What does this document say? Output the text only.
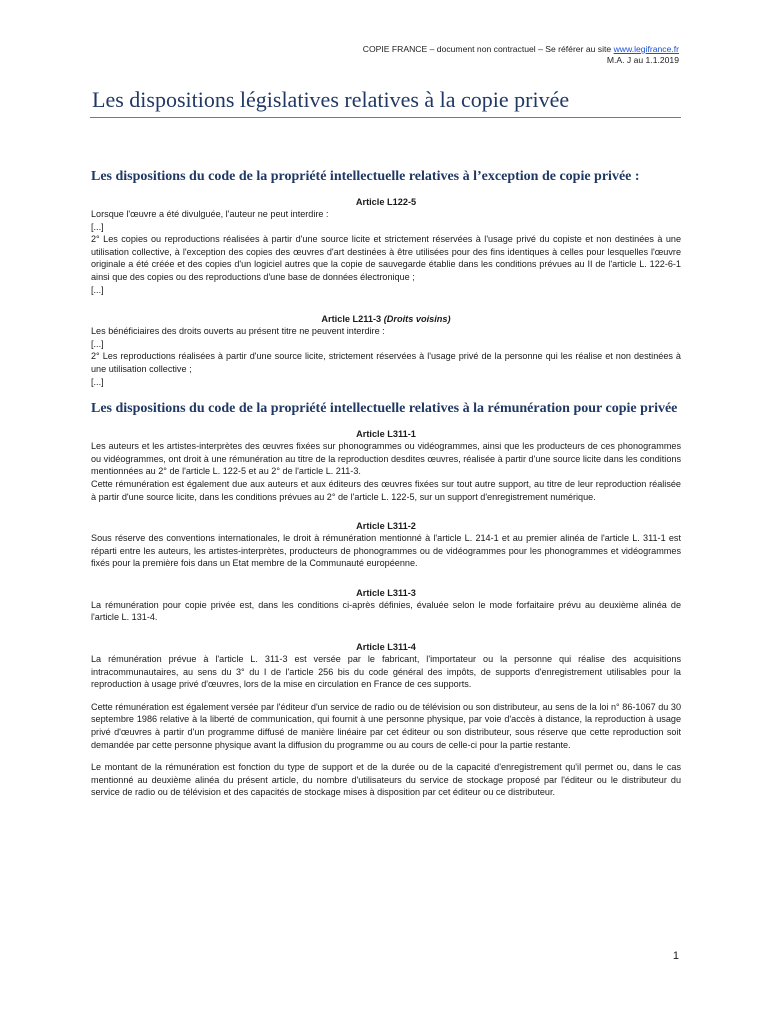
COPIE FRANCE – document non contractuel – Se référer au site www.legifrance.fr
M.A. J au 1.1.2019
Les dispositions législatives relatives à la copie privée
Les dispositions du code de la propriété intellectuelle relatives à l’exception de copie privée :
Article L122-5

Lorsque l'œuvre a été divulguée, l'auteur ne peut interdire :

[...]

2° Les copies ou reproductions réalisées à partir d'une source licite et strictement réservées à l'usage privé du copiste et non destinées à une utilisation collective, à l'exception des copies des œuvres d'art destinées à être utilisées pour des fins identiques à celles pour lesquelles l'œuvre originale a été créée et des copies d'un logiciel autres que la copie de sauvegarde établie dans les conditions prévues au II de l'article L. 122-6-1 ainsi que des copies ou des reproductions d'une base de données électronique ;

[...]

Article L211-3 (Droits voisins)

Les bénéficiaires des droits ouverts au présent titre ne peuvent interdire :

[...]

2° Les reproductions réalisées à partir d'une source licite, strictement réservées à l'usage privé de la personne qui les réalise et non destinées à une utilisation collective ;

[...]

Les dispositions du code de la propriété intellectuelle relatives à la rémunération pour copie privée
Article L311-1

Les auteurs et les artistes-interprètes des œuvres fixées sur phonogrammes ou vidéogrammes, ainsi que les producteurs de ces phonogrammes ou vidéogrammes, ont droit à une rémunération au titre de la reproduction desdites œuvres, réalisée à partir d'une source licite dans les conditions mentionnées au 2° de l'article L. 122-5 et au 2° de l'article L. 211-3.

Cette rémunération est également due aux auteurs et aux éditeurs des œuvres fixées sur tout autre support, au titre de leur reproduction réalisée à partir d'une source licite, dans les conditions prévues au 2° de l'article L. 122-5, sur un support d'enregistrement numérique.

Article L311-2

Sous réserve des conventions internationales, le droit à rémunération mentionné à l'article L. 214-1 et au premier alinéa de l'article L. 311-1 est réparti entre les auteurs, les artistes-interprètes, producteurs de phonogrammes ou de vidéogrammes pour les phonogrammes et vidéogrammes fixés pour la première fois dans un Etat membre de la Communauté européenne.

Article L311-3

La rémunération pour copie privée est, dans les conditions ci-après définies, évaluée selon le mode forfaitaire prévu au deuxième alinéa de l'article L. 131-4.

Article L311-4

La rémunération prévue à l'article L. 311-3 est versée par le fabricant, l'importateur ou la personne qui réalise des acquisitions intracommunautaires, au sens du 3° du I de l'article 256 bis du code général des impôts, de supports d'enregistrement utilisables pour la reproduction à usage privé d'œuvres, lors de la mise en circulation en France de ces supports.

Cette rémunération est également versée par l'éditeur d'un service de radio ou de télévision ou son distributeur, au sens de la loi n° 86-1067 du 30 septembre 1986 relative à la liberté de communication, qui fournit à une personne physique, par voie d'accès à distance, la reproduction à usage privé d'œuvres à partir d'un programme diffusé de manière linéaire par cet éditeur ou son distributeur, sous réserve que cette reproduction soit demandée par cette personne physique avant la diffusion du programme ou au cours de celle-ci pour la partie restante.

Le montant de la rémunération est fonction du type de support et de la durée ou de la capacité d'enregistrement qu'il permet ou, dans le cas mentionné au deuxième alinéa du présent article, du nombre d'utilisateurs du service de stockage proposé par l'éditeur ou le distributeur du service de radio ou de télévision et des capacités de stockage mises à disposition par cet éditeur ou ce distributeur.

1
